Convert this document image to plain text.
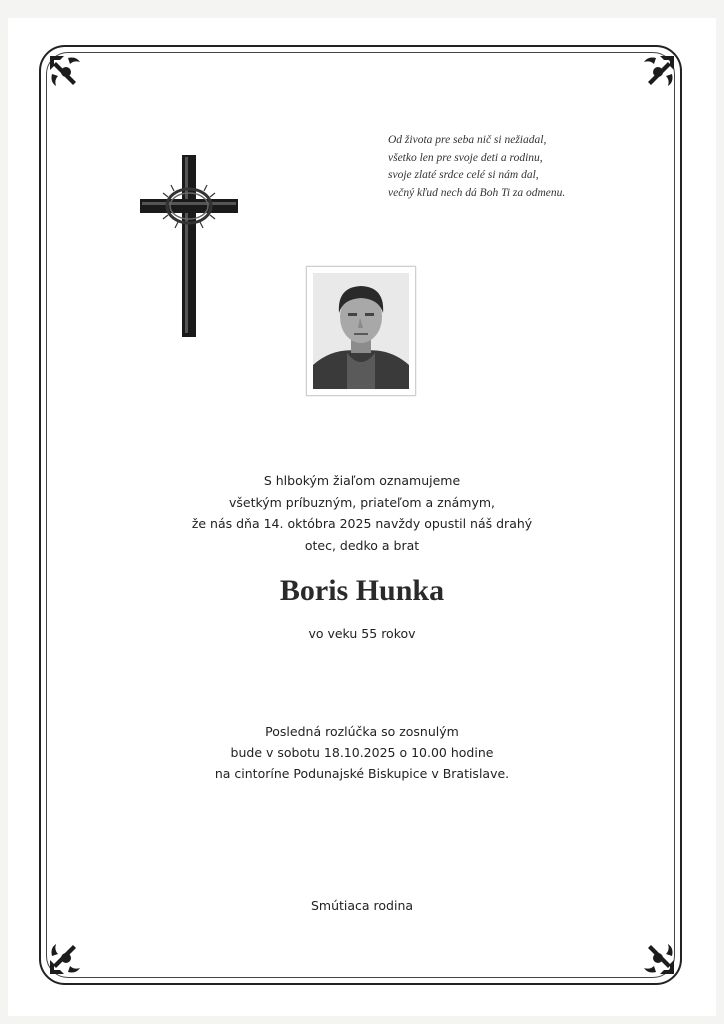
Od života pre seba nič si nežiadal,
všetko len pre svoje deti a rodinu,
svoje zlaté srdce celé si nám dal,
večný kľud nech dá Boh Ti za odmenu.
S hlbokým žiaľom oznamujeme
všetkým príbuzným, priateľom a známym,
že nás dňa 14. októbra 2025 navždy opustil náš drahý
otec, dedko a brat
Boris Hunka
vo veku 55 rokov
Posledná rozlúčka so zosnulým
bude v sobotu 18.10.2025 o 10.00 hodine
na cintoríne Podunajské Biskupice v Bratislave.
Smútiaca rodina
